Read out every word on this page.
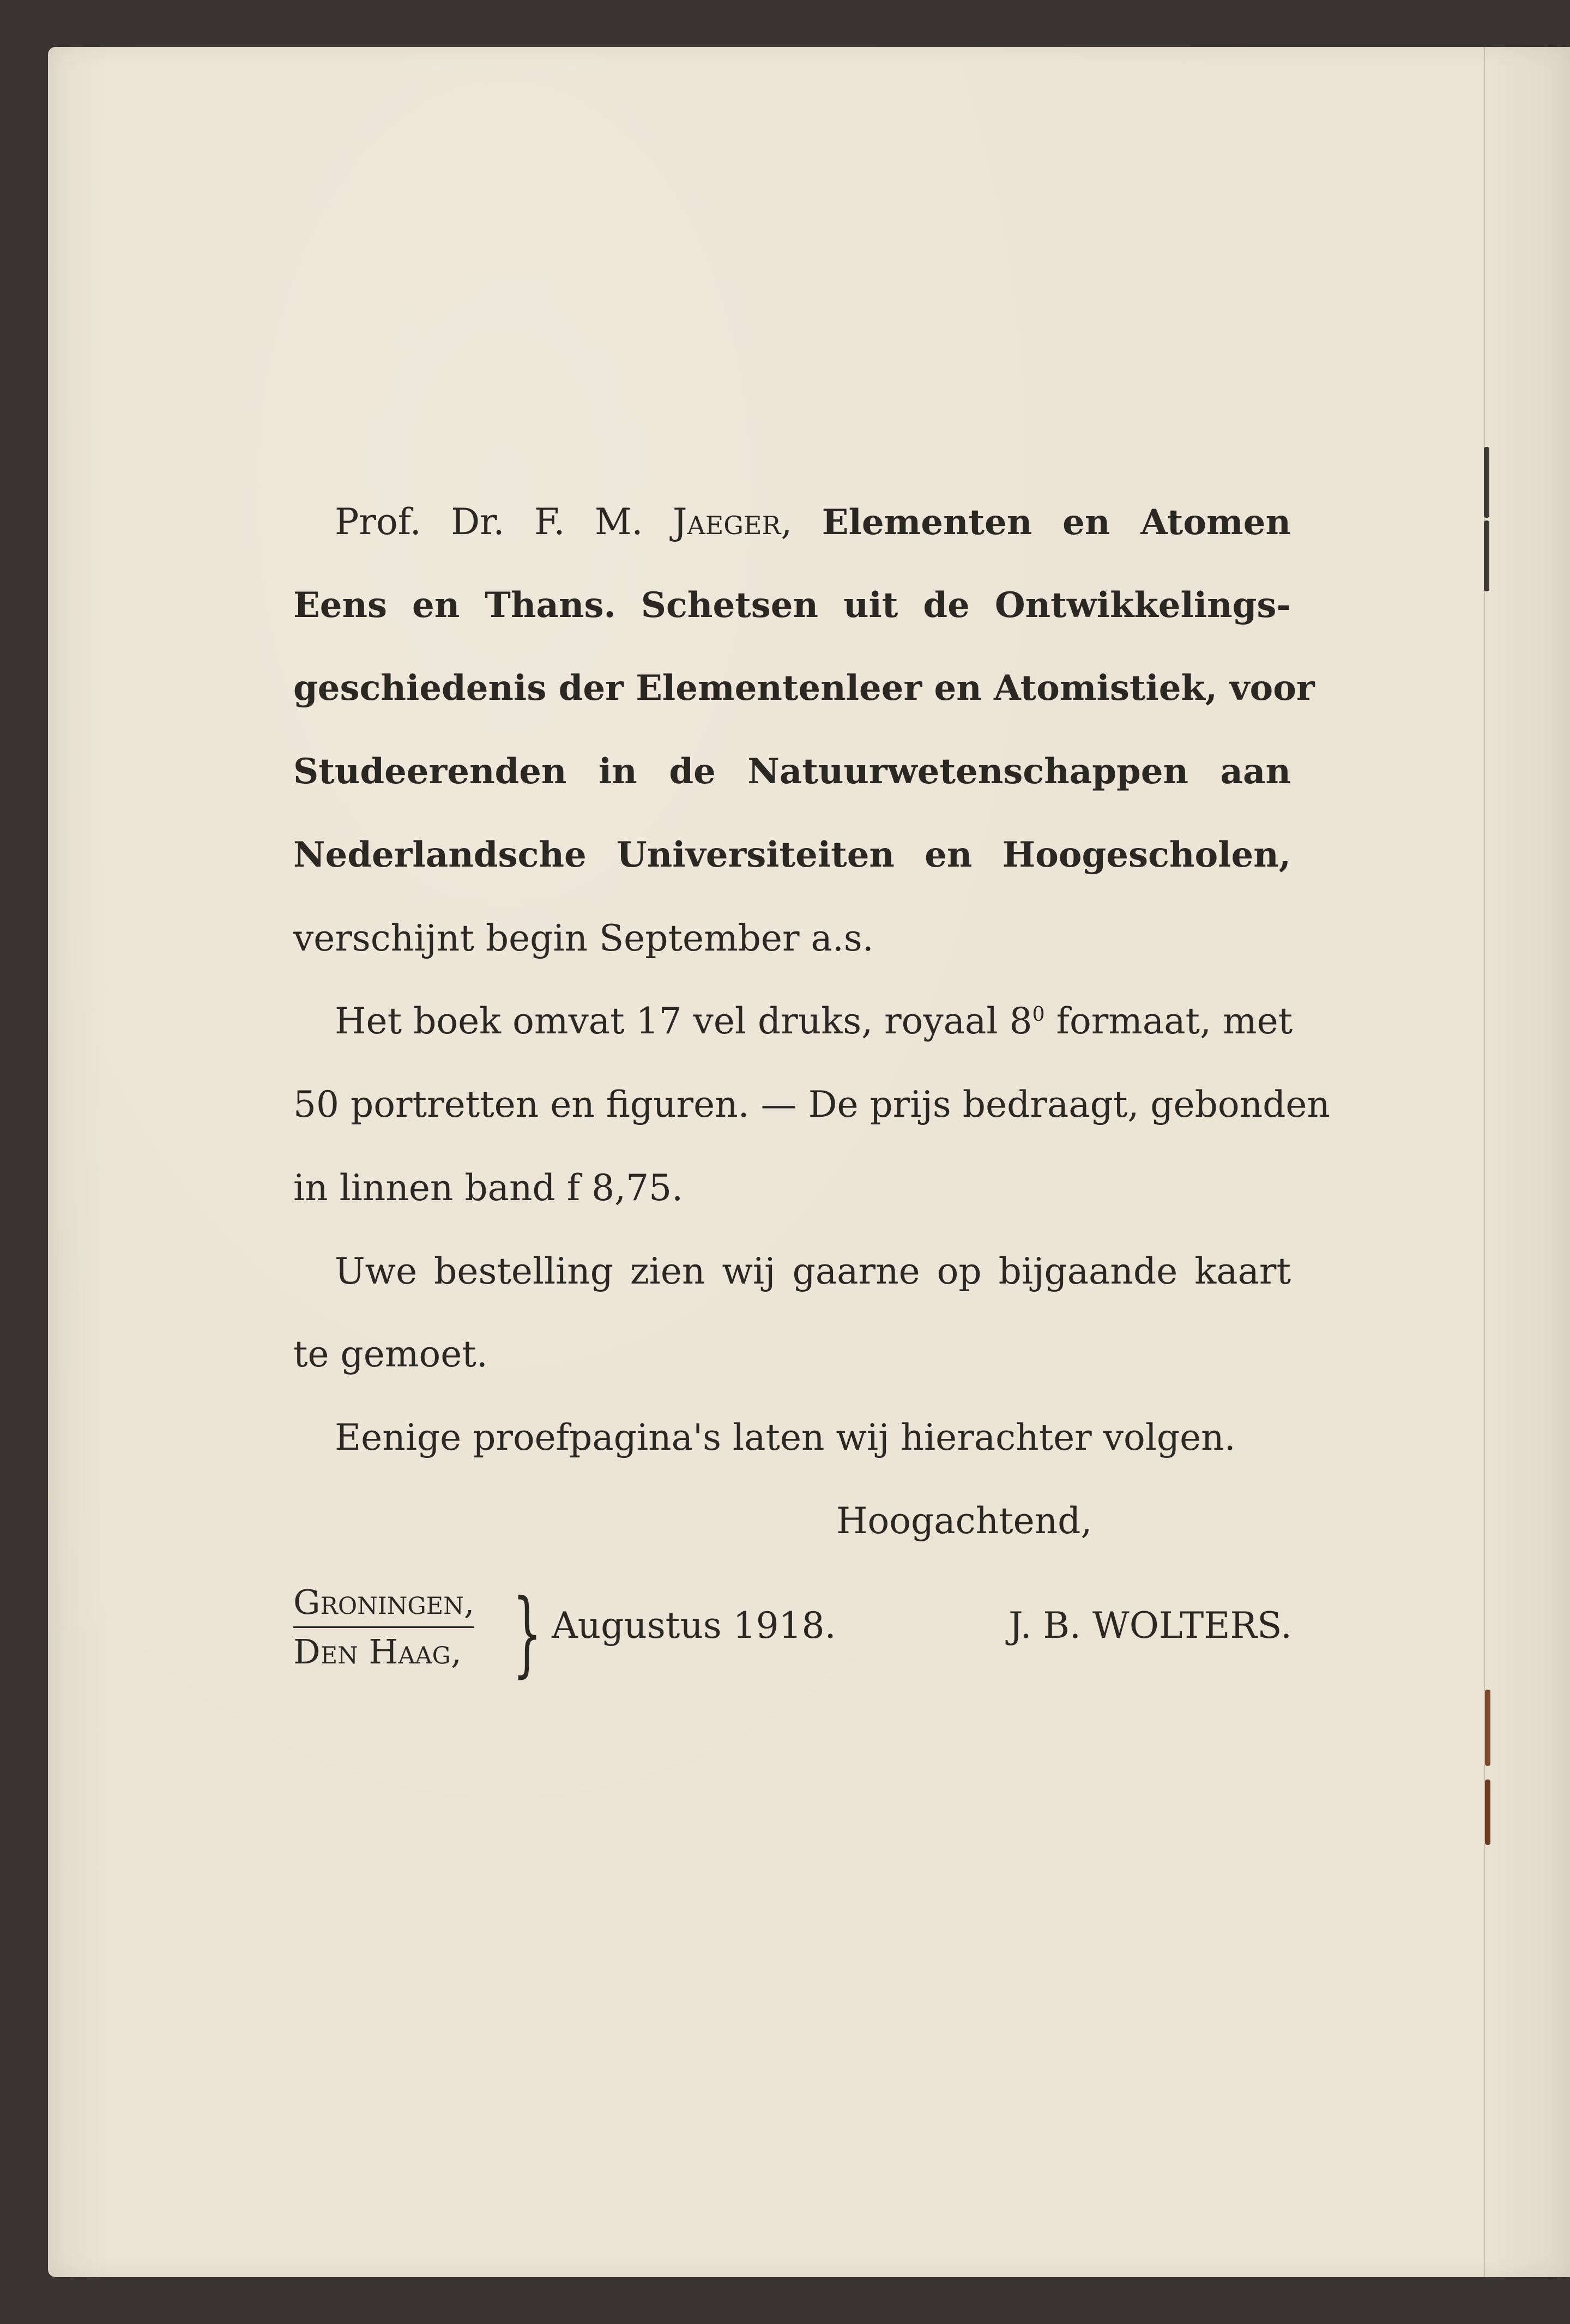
Prof. Dr. F. M. Jaeger, Elementen en Atomen
Eens en Thans. Schetsen uit de Ontwikkelings-
geschiedenis der Elementenleer en Atomistiek, voor
Studeerenden in de Natuurwetenschappen aan
Nederlandsche Universiteiten en Hoogescholen,
verschijnt begin September a.s.
Het boek omvat 17 vel druks, royaal $8^0$ formaat, met
50 portretten en figuren. — De prijs bedraagt, gebonden
in linnen band f 8,75.
Uwe bestelling zien wij gaarne op bijgaande kaart
te gemoet.
Eenige proefpagina's laten wij hierachter volgen.
Hoogachtend,
Groningen,
Den Haag, } Augustus 1918.	J. B. WOLTERS.
